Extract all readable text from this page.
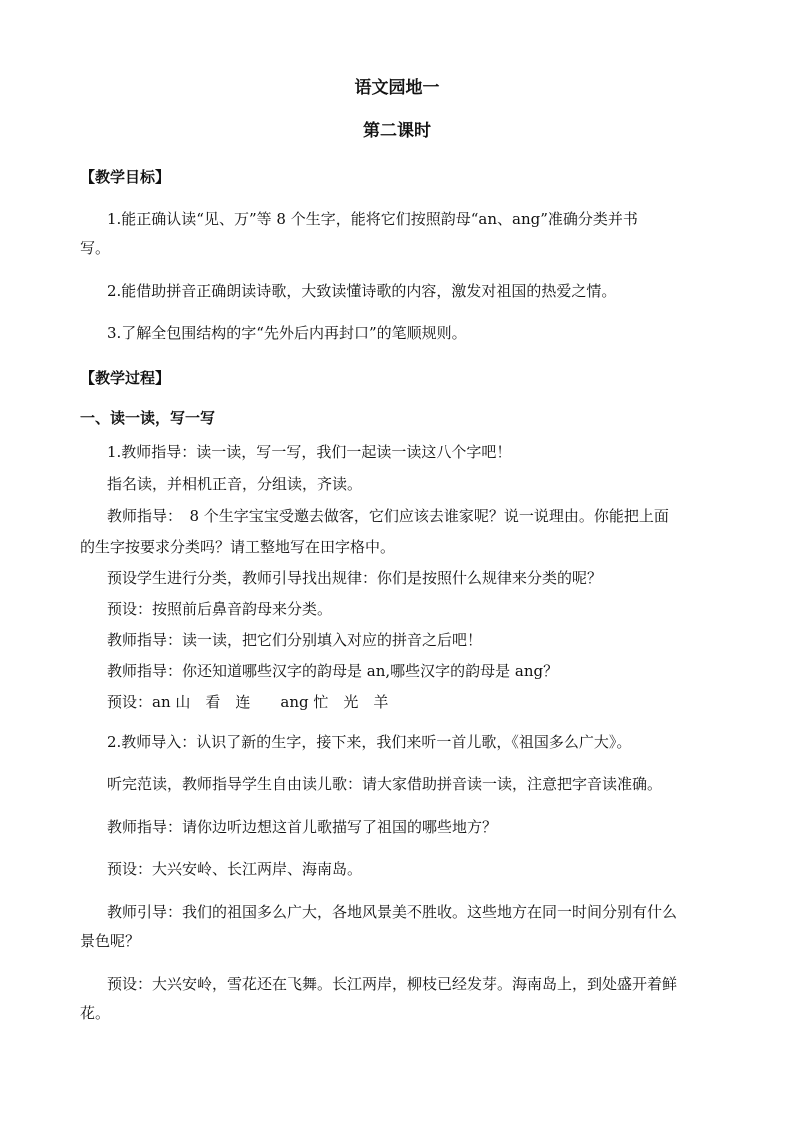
语文园地一
第二课时
【教学目标】
1.能正确认读“见、万”等 8 个生字，能将它们按照韵母“an、ang”准确分类并书
写。
2.能借助拼音正确朗读诗歌，大致读懂诗歌的内容，激发对祖国的热爱之情。
3.了解全包围结构的字“先外后内再封口”的笔顺规则。
【教学过程】
一、读一读，写一写
1.教师指导：读一读，写一写，我们一起读一读这八个字吧！
指名读，并相机正音，分组读，齐读。
教师指导：　8 个生字宝宝受邀去做客，它们应该去谁家呢？说一说理由。你能把上面
的生字按要求分类吗？请工整地写在田字格中。
预设学生进行分类，教师引导找出规律：你们是按照什么规律来分类的呢？
预设：按照前后鼻音韵母来分类。
教师指导：读一读，把它们分别填入对应的拼音之后吧！
教师指导：你还知道哪些汉字的韵母是 an,哪些汉字的韵母是 ang？
预设：an 山　看　连　　ang 忙　光　羊
2.教师导入：认识了新的生字，接下来，我们来听一首儿歌，《祖国多么广大》。
听完范读，教师指导学生自由读儿歌：请大家借助拼音读一读，注意把字音读准确。
教师指导：请你边听边想这首儿歌描写了祖国的哪些地方？
预设：大兴安岭、长江两岸、海南岛。
教师引导：我们的祖国多么广大，各地风景美不胜收。这些地方在同一时间分别有什么
景色呢？
预设：大兴安岭，雪花还在飞舞。长江两岸，柳枝已经发芽。海南岛上，到处盛开着鲜
花。
